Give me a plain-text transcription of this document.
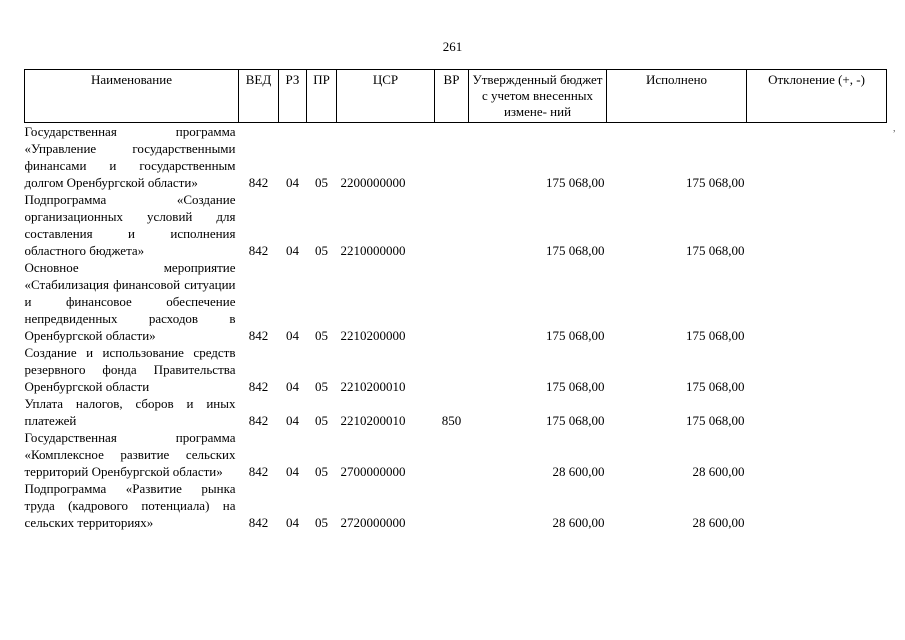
261
Наименование	ВЕД	РЗ	ПР	ЦСР	ВР	Утвержденный бюджет с учетом внесенных измене- ний	Исполнено	Отклонение (+, -)
Государственная программа «Управление государственными финансами и государственным долгом Оренбургской области»	842	04	05	2200000000		175 068,00	175 068,00	
Подпрограмма «Создание организационных условий для составления и исполнения областного бюджета»	842	04	05	2210000000		175 068,00	175 068,00	
Основное мероприятие «Стабилизация финансовой ситуации и финансовое обеспечение непредвиденных расходов в Оренбургской области»	842	04	05	2210200000		175 068,00	175 068,00	
Создание и использование средств резервного фонда Правительства Оренбургской области	842	04	05	2210200010		175 068,00	175 068,00	
Уплата налогов, сборов и иных платежей	842	04	05	2210200010	850	175 068,00	175 068,00	
Государственная программа «Комплексное развитие сельских территорий Оренбургской области»	842	04	05	2700000000		28 600,00	28 600,00	
Подпрограмма «Развитие рынка труда (кадрового потенциала) на сельских территориях»	842	04	05	2720000000		28 600,00	28 600,00	
,
